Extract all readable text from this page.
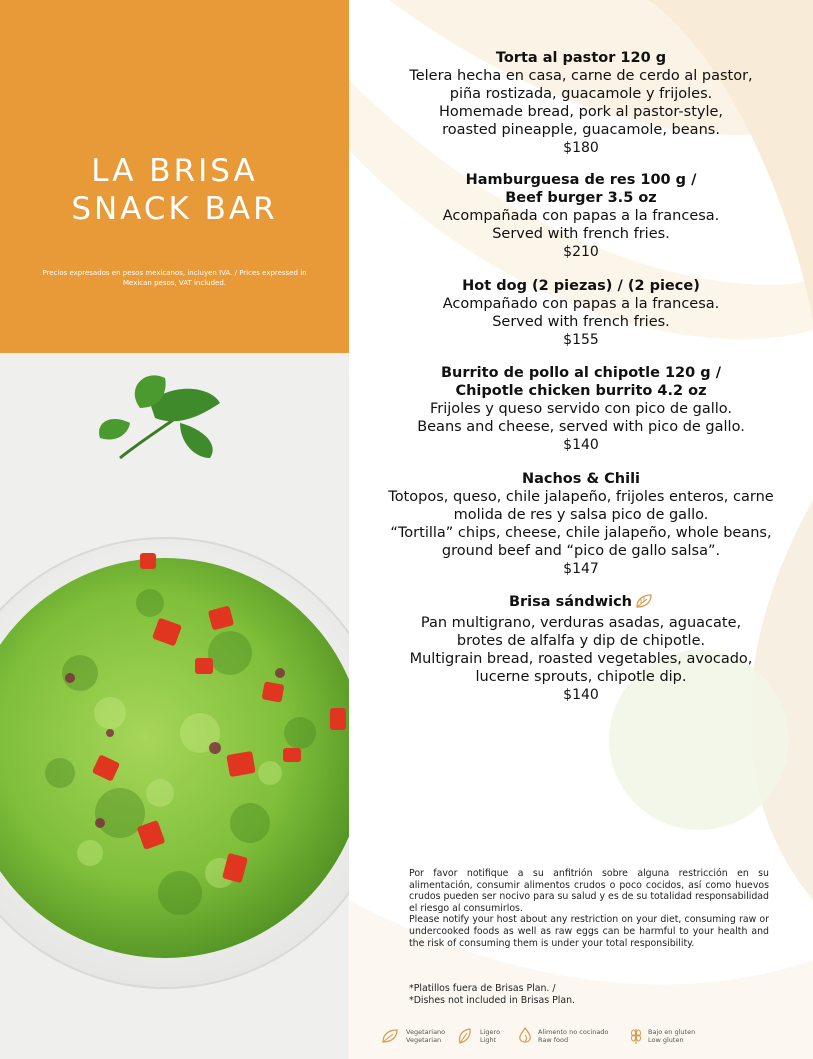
LA BRISA
SNACK BAR
Precios expresados en pesos mexicanos, incluyen IVA. / Prices expressed in Mexican pesos, VAT included.
Torta al pastor 120 g
Telera hecha en casa, carne de cerdo al pastor,
piña rostizada, guacamole y frijoles.
Homemade bread, pork al pastor-style,
roasted pineapple, guacamole, beans.
$180
Hamburguesa de res 100 g /
Beef burger 3.5 oz
Acompañada con papas a la francesa.
Served with french fries.
$210
Hot dog (2 piezas) / (2 piece)
Acompañado con papas a la francesa.
Served with french fries.
$155
Burrito de pollo al chipotle 120 g /
Chipotle chicken burrito 4.2 oz
Frijoles y queso servido con pico de gallo.
Beans and cheese, served with pico de gallo.
$140
Nachos & Chili
Totopos, queso, chile jalapeño, frijoles enteros, carne
molida de res y salsa pico de gallo.
“Tortilla” chips, cheese, chile jalapeño, whole beans,
ground beef and “pico de gallo salsa”.
$147
Brisa sándwich
Pan multigrano, verduras asadas, aguacate,
brotes de alfalfa y dip de chipotle.
Multigrain bread, roasted vegetables, avocado,
lucerne sprouts, chipotle dip.
$140

Por favor notifique a su anfitrión sobre alguna restricción en su alimentación, consumir alimentos crudos o poco cocidos, así como huevos crudos pueden ser nocivo para su salud y es de su totalidad responsabilidad el riesgo al consumirlos.

Please notify your host about any restriction on your diet, consuming raw or undercooked foods as well as raw eggs can be harmful to your health and the risk of consuming them is under your total responsibility.

*Platillos fuera de Brisas Plan. /
*Dishes not included in Brisas Plan.
Vegetariano
Vegetarian
Ligero
Light
Alimento no cocinado
Raw food
Bajo en gluten
Low gluten
